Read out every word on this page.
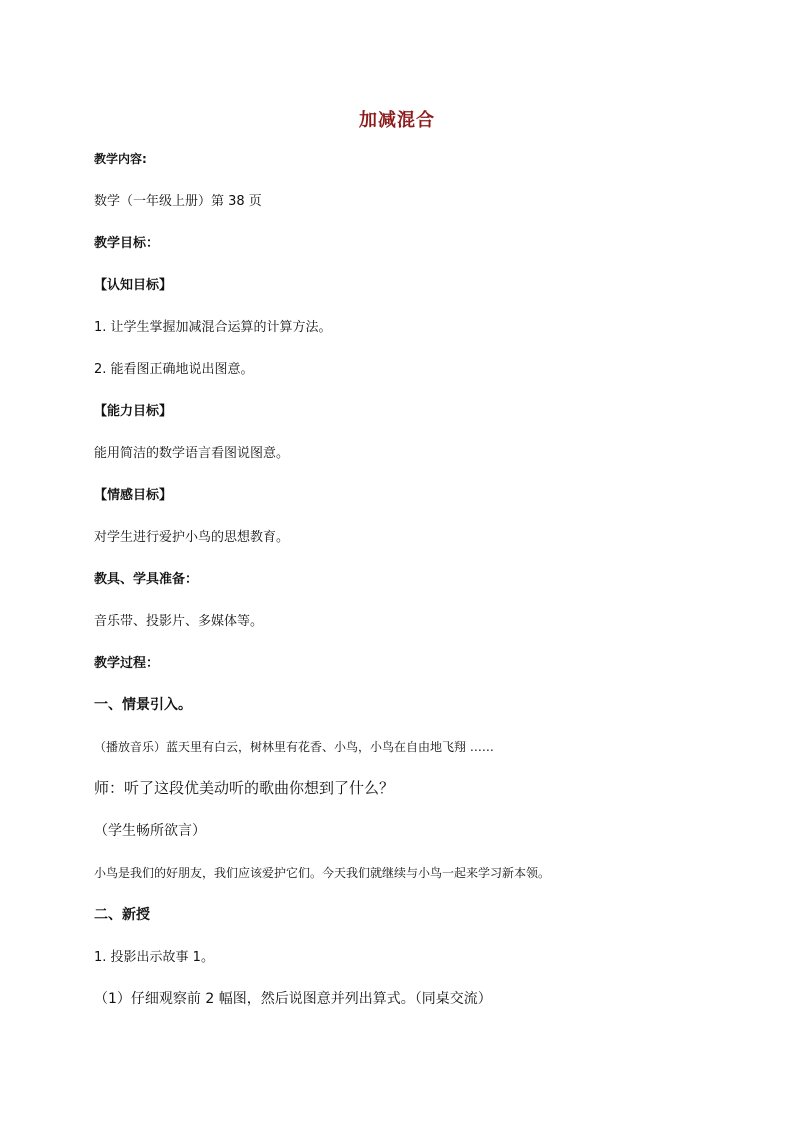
加减混合
教学内容:
数学（一年级上册）第 38 页
教学目标：
【认知目标】
1. 让学生掌握加减混合运算的计算方法。
2. 能看图正确地说出图意。
【能力目标】
能用简洁的数学语言看图说图意。
【情感目标】
对学生进行爱护小鸟的思想教育。
教具、学具准备：
音乐带、投影片、多媒体等。
教学过程：
一、情景引入。
（播放音乐）蓝天里有白云，树林里有花香、小鸟，小鸟在自由地飞翔 ……
师：听了这段优美动听的歌曲你想到了什么？
（学生畅所欲言）
小鸟是我们的好朋友，我们应该爱护它们。今天我们就继续与小鸟一起来学习新本领。
二、新授
1. 投影出示故事 1。
（1）仔细观察前 2 幅图，然后说图意并列出算式。（同桌交流）
